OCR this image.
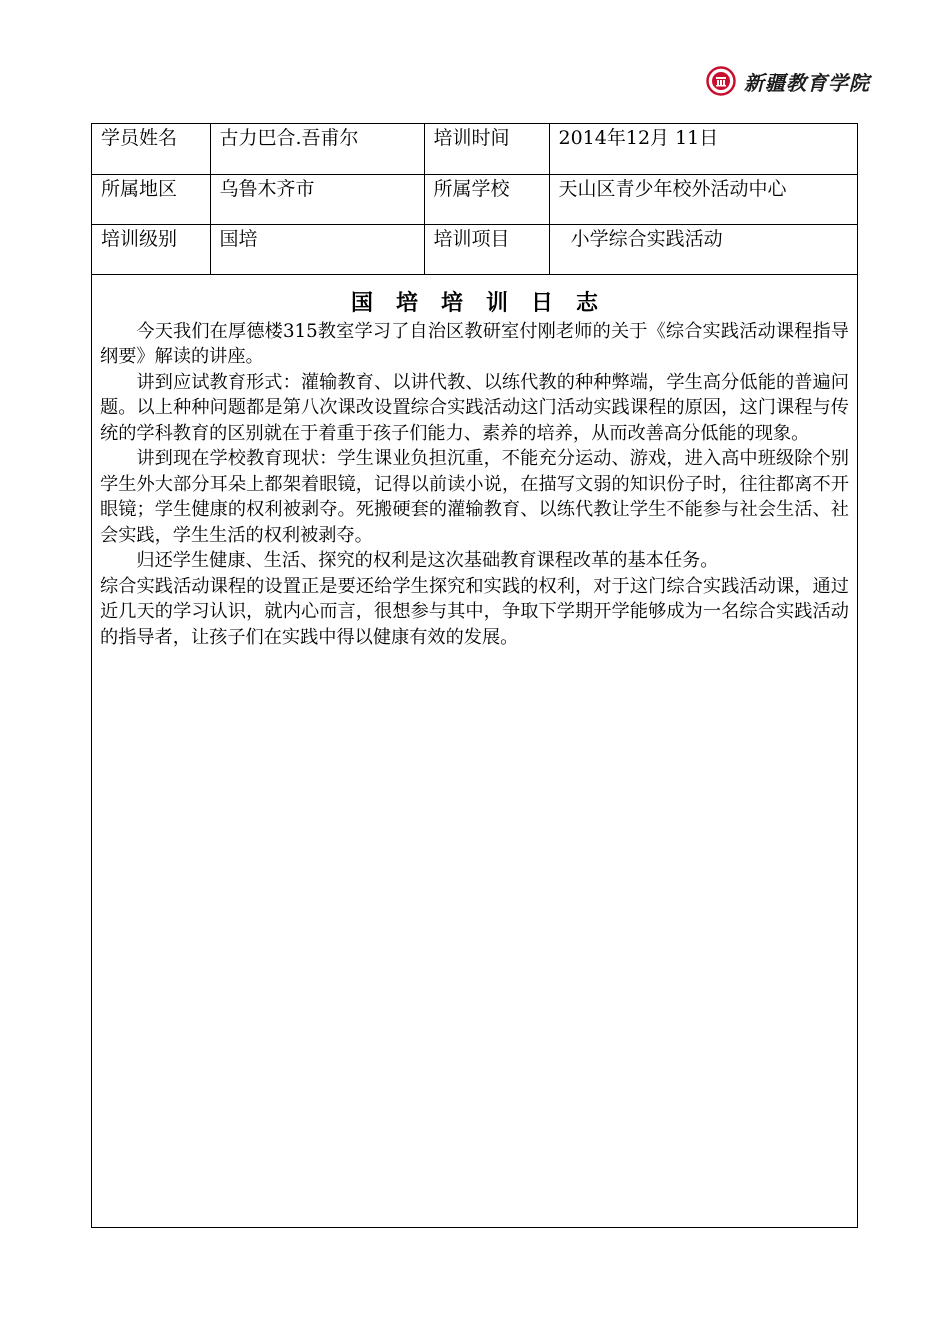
新疆教育学院
学员姓名	古力巴合.吾甫尔	培训时间	2014年12月 11日
所属地区	乌鲁木齐市	所属学校	天山区青少年校外活动中心
培训级别	国培	培训项目	小学综合实践活动
国培培训日志

今天我们在厚德楼315教室学习了自治区教研室付刚老师的关于《综合实践活动课程指导纲要》解读的讲座。

讲到应试教育形式：灌输教育、以讲代教、以练代教的种种弊端，学生高分低能的普遍问题。以上种种问题都是第八次课改设置综合实践活动这门活动实践课程的原因，这门课程与传统的学科教育的区别就在于着重于孩子们能力、素养的培养，从而改善高分低能的现象。

讲到现在学校教育现状：学生课业负担沉重，不能充分运动、游戏，进入高中班级除个别学生外大部分耳朵上都架着眼镜，记得以前读小说，在描写文弱的知识份子时，往往都离不开眼镜；学生健康的权利被剥夺。死搬硬套的灌输教育、以练代教让学生不能参与社会生活、社会实践，学生生活的权利被剥夺。

归还学生健康、生活、探究的权利是这次基础教育课程改革的基本任务。

综合实践活动课程的设置正是要还给学生探究和实践的权利，对于这门综合实践活动课，通过近几天的学习认识，就内心而言，很想参与其中，争取下学期开学能够成为一名综合实践活动的指导者，让孩子们在实践中得以健康有效的发展。
